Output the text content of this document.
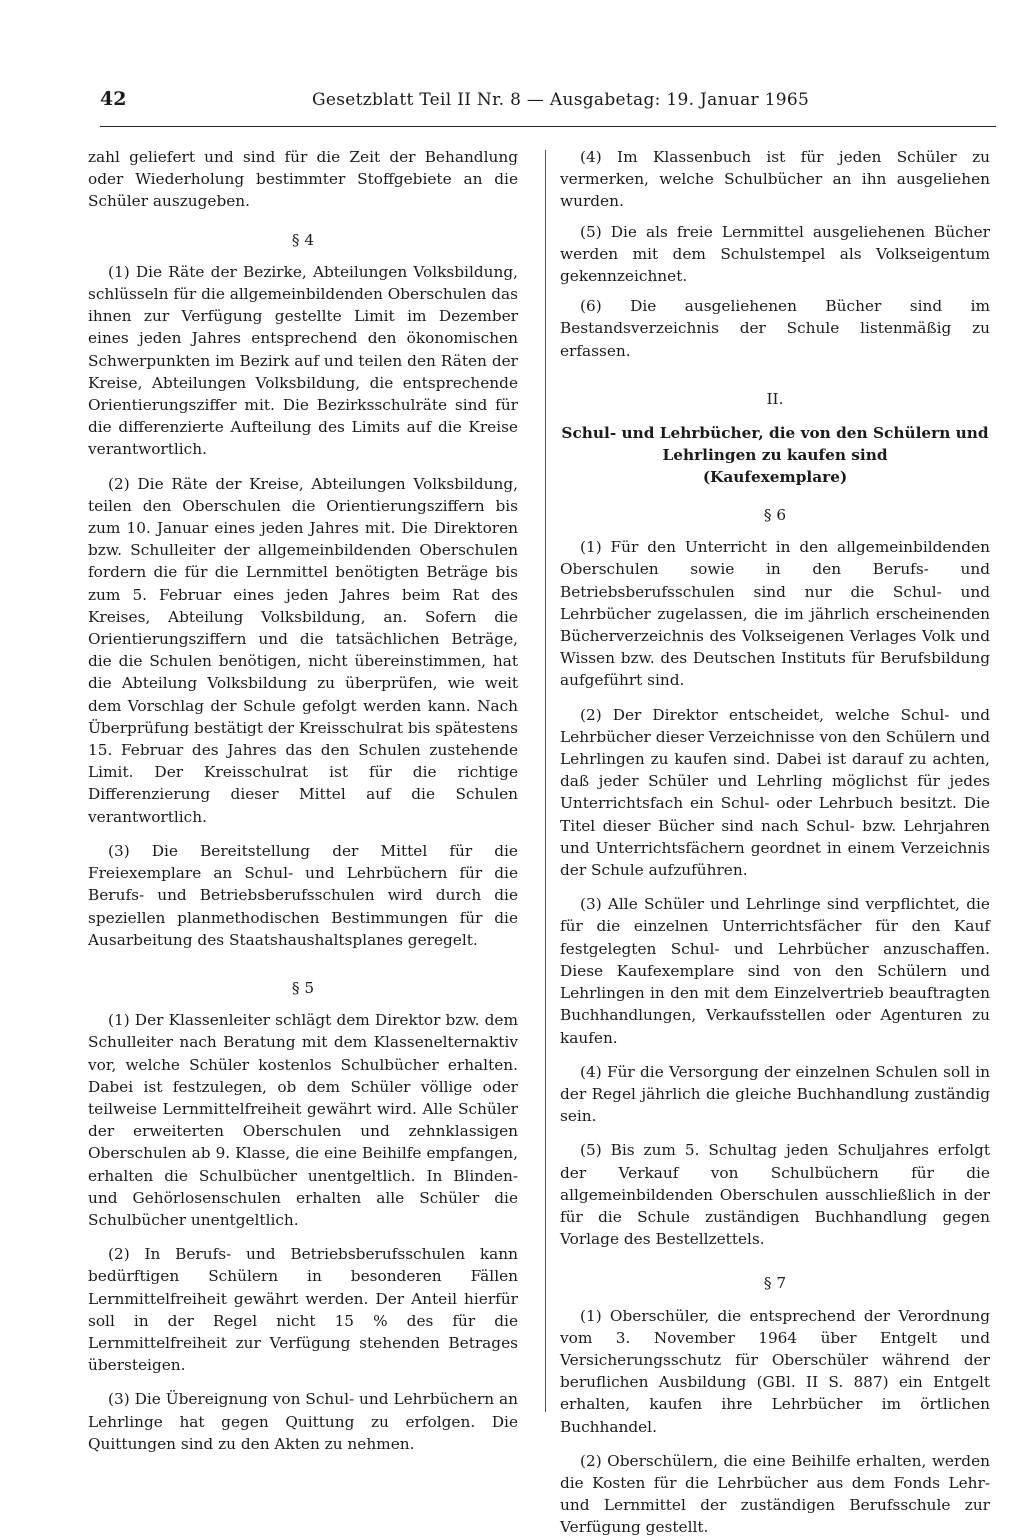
42	Gesetzblatt Teil II Nr. 8 — Ausgabetag: 19. Januar 1965

zahl geliefert und sind für die Zeit der Behandlung oder Wiederholung bestimmter Stoffgebiete an die Schüler auszugeben.

§ 4

(1) Die Räte der Bezirke, Abteilungen Volksbildung, schlüsseln für die allgemeinbildenden Oberschulen das ihnen zur Verfügung gestellte Limit im Dezember eines jeden Jahres entsprechend den ökonomischen Schwerpunkten im Bezirk auf und teilen den Räten der Kreise, Abteilungen Volksbildung, die entsprechende Orientierungsziffer mit. Die Bezirksschulräte sind für die differenzierte Aufteilung des Limits auf die Kreise verantwortlich.

(2) Die Räte der Kreise, Abteilungen Volksbildung, teilen den Oberschulen die Orientierungsziffern bis zum 10. Januar eines jeden Jahres mit. Die Direktoren bzw. Schulleiter der allgemeinbildenden Oberschulen fordern die für die Lernmittel benötigten Beträge bis zum 5. Februar eines jeden Jahres beim Rat des Kreises, Abteilung Volksbildung, an. Sofern die Orientierungsziffern und die tatsächlichen Beträge, die die Schulen benötigen, nicht übereinstimmen, hat die Abteilung Volksbildung zu überprüfen, wie weit dem Vorschlag der Schule gefolgt werden kann. Nach Überprüfung bestätigt der Kreisschulrat bis spätestens 15. Februar des Jahres das den Schulen zustehende Limit. Der Kreisschulrat ist für die richtige Differenzierung dieser Mittel auf die Schulen verantwortlich.

(3) Die Bereitstellung der Mittel für die Freiexemplare an Schul- und Lehrbüchern für die Berufs- und Betriebsberufsschulen wird durch die speziellen planmethodischen Bestimmungen für die Ausarbeitung des Staatshaushaltsplanes geregelt.

§ 5

(1) Der Klassenleiter schlägt dem Direktor bzw. dem Schulleiter nach Beratung mit dem Klassenelternaktiv vor, welche Schüler kostenlos Schulbücher erhalten. Dabei ist festzulegen, ob dem Schüler völlige oder teilweise Lernmittelfreiheit gewährt wird. Alle Schüler der erweiterten Oberschulen und zehnklassigen Oberschulen ab 9. Klasse, die eine Beihilfe empfangen, erhalten die Schulbücher unentgeltlich. In Blinden- und Gehörlosenschulen erhalten alle Schüler die Schulbücher unentgeltlich.

(2) In Berufs- und Betriebsberufsschulen kann bedürftigen Schülern in besonderen Fällen Lernmittelfreiheit gewährt werden. Der Anteil hierfür soll in der Regel nicht 15 % des für die Lernmittelfreiheit zur Verfügung stehenden Betrages übersteigen.

(3) Die Übereignung von Schul- und Lehrbüchern an Lehrlinge hat gegen Quittung zu erfolgen. Die Quittungen sind zu den Akten zu nehmen.

(4) Im Klassenbuch ist für jeden Schüler zu vermerken, welche Schulbücher an ihn ausgeliehen wurden.

(5) Die als freie Lernmittel ausgeliehenen Bücher werden mit dem Schulstempel als Volkseigentum gekennzeichnet.

(6) Die ausgeliehenen Bücher sind im Bestandsverzeichnis der Schule listenmäßig zu erfassen.

II.
Schul- und Lehrbücher, die von den Schülern und Lehrlingen zu kaufen sind
(Kaufexemplare)
§ 6

(1) Für den Unterricht in den allgemeinbildenden Oberschulen sowie in den Berufs- und Betriebsberufsschulen sind nur die Schul- und Lehrbücher zugelassen, die im jährlich erscheinenden Bücherverzeichnis des Volkseigenen Verlages Volk und Wissen bzw. des Deutschen Instituts für Berufsbildung aufgeführt sind.

(2) Der Direktor entscheidet, welche Schul- und Lehrbücher dieser Verzeichnisse von den Schülern und Lehrlingen zu kaufen sind. Dabei ist darauf zu achten, daß jeder Schüler und Lehrling möglichst für jedes Unterrichtsfach ein Schul- oder Lehrbuch besitzt. Die Titel dieser Bücher sind nach Schul- bzw. Lehrjahren und Unterrichtsfächern geordnet in einem Verzeichnis der Schule aufzuführen.

(3) Alle Schüler und Lehrlinge sind verpflichtet, die für die einzelnen Unterrichtsfächer für den Kauf festgelegten Schul- und Lehrbücher anzuschaffen. Diese Kaufexemplare sind von den Schülern und Lehrlingen in den mit dem Einzelvertrieb beauftragten Buchhandlungen, Verkaufsstellen oder Agenturen zu kaufen.

(4) Für die Versorgung der einzelnen Schulen soll in der Regel jährlich die gleiche Buchhandlung zuständig sein.

(5) Bis zum 5. Schultag jeden Schuljahres erfolgt der Verkauf von Schulbüchern für die allgemeinbildenden Oberschulen ausschließlich in der für die Schule zuständigen Buchhandlung gegen Vorlage des Bestellzettels.

§ 7

(1) Oberschüler, die entsprechend der Verordnung vom 3. November 1964 über Entgelt und Versicherungsschutz für Oberschüler während der beruflichen Ausbildung (GBl. II S. 887) ein Entgelt erhalten, kaufen ihre Lehrbücher im örtlichen Buchhandel.

(2) Oberschülern, die eine Beihilfe erhalten, werden die Kosten für die Lehrbücher aus dem Fonds Lehr- und Lernmittel der zuständigen Berufsschule zur Verfügung gestellt.
